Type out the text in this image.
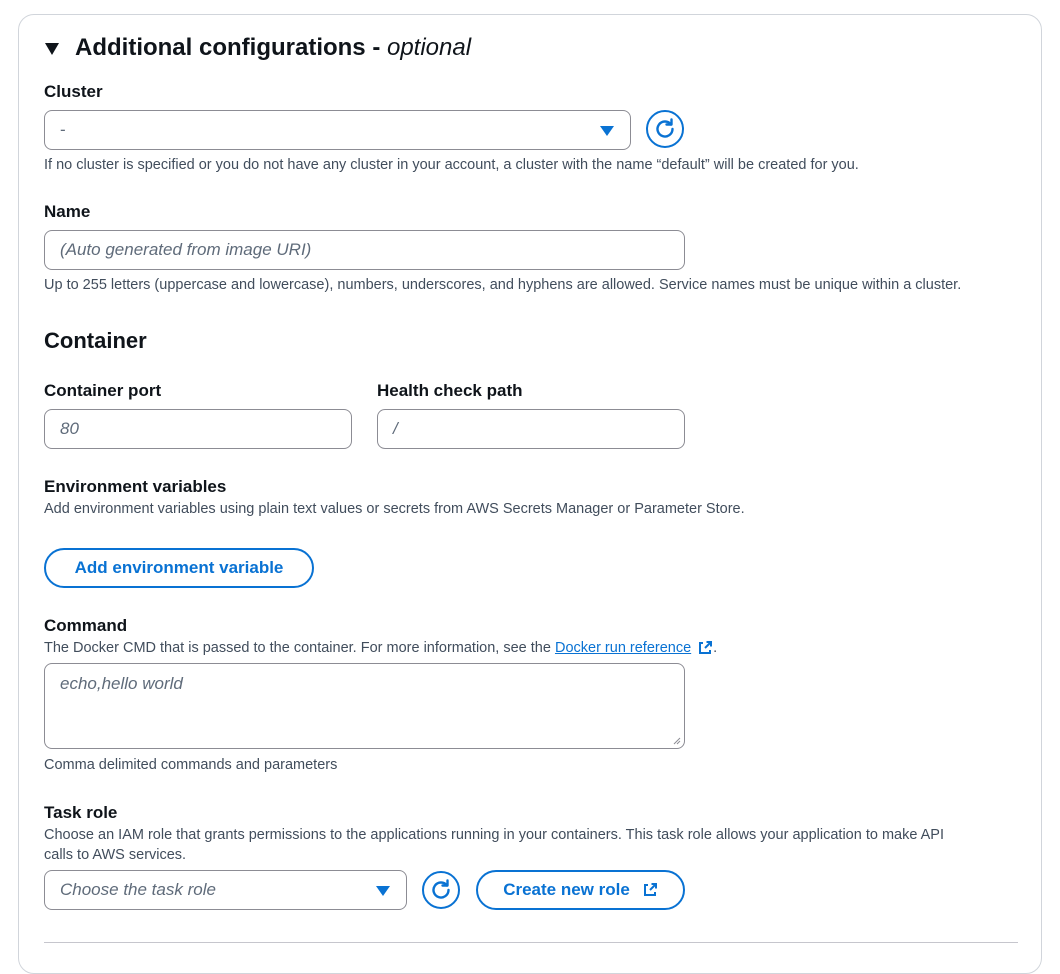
Additional configurations - optional
Cluster
-
If no cluster is specified or you do not have any cluster in your account, a cluster with the name “default” will be created for you.
Name
(Auto generated from image URI)
Up to 255 letters (uppercase and lowercase), numbers, underscores, and hyphens are allowed. Service names must be unique within a cluster.
Container
Container port
80
Health check path
/
Environment variables
Add environment variables using plain text values or secrets from AWS Secrets Manager or Parameter Store.
Add environment variable
Command
The Docker CMD that is passed to the container. For more information, see the Docker run reference .
echo,hello world
Comma delimited commands and parameters
Task role
Choose an IAM role that grants permissions to the applications running in your containers. This task role allows your application to make API
calls to AWS services.
Choose the task role	Create new role
